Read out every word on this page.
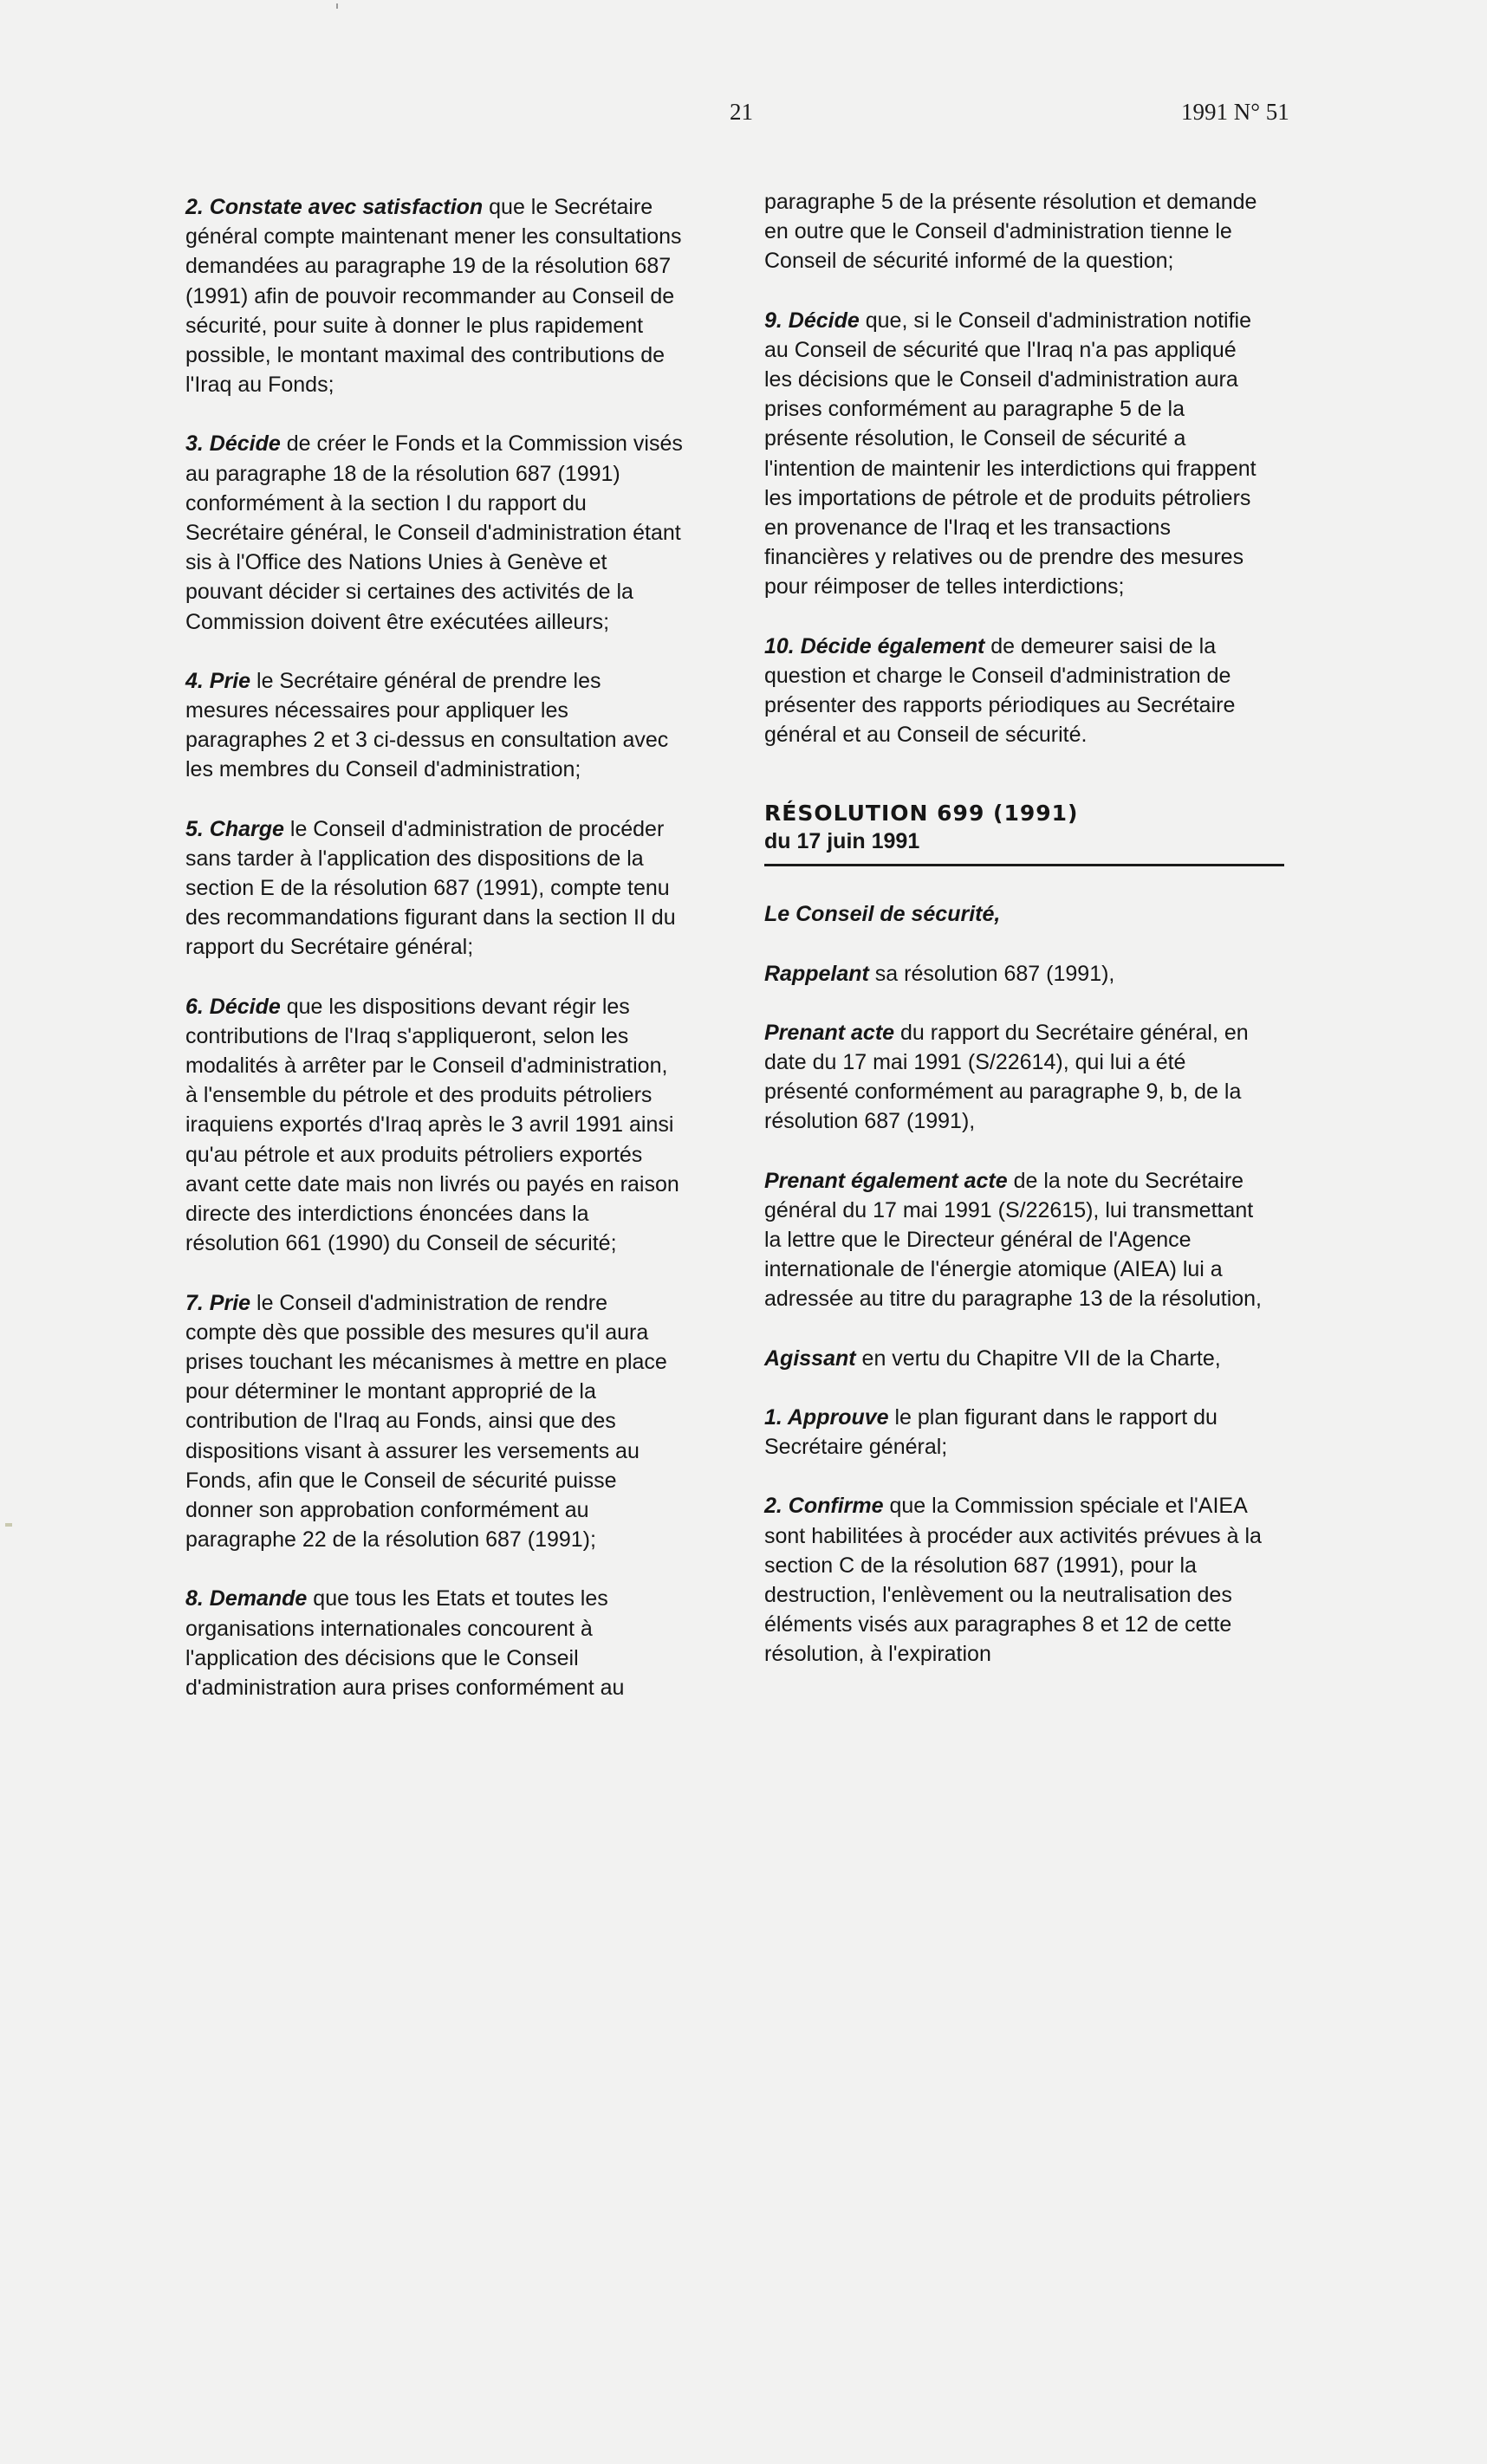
21	1991 N° 51

2. Constate avec satisfaction que le Secrétaire général compte maintenant mener les consultations demandées au paragraphe 19 de la résolution 687 (1991) afin de pouvoir recommander au Conseil de sécurité, pour suite à donner le plus rapidement possible, le montant maximal des contributions de l'Iraq au Fonds;

3. Décide de créer le Fonds et la Commission visés au paragraphe 18 de la résolution 687 (1991) conformément à la section I du rapport du Secrétaire général, le Conseil d'administration étant sis à l'Office des Nations Unies à Genève et pouvant décider si certaines des activités de la Commission doivent être exécutées ailleurs;

4. Prie le Secrétaire général de prendre les mesures nécessaires pour appliquer les paragraphes 2 et 3 ci-dessus en consultation avec les membres du Conseil d'administration;

5. Charge le Conseil d'administration de procéder sans tarder à l'application des dispositions de la section E de la résolution 687 (1991), compte tenu des recommandations figurant dans la section II du rapport du Secrétaire général;

6. Décide que les dispositions devant régir les contributions de l'Iraq s'appliqueront, selon les modalités à arrêter par le Conseil d'administration, à l'ensemble du pétrole et des produits pétroliers iraquiens exportés d'Iraq après le 3 avril 1991 ainsi qu'au pétrole et aux produits pétroliers exportés avant cette date mais non livrés ou payés en raison directe des interdictions énoncées dans la résolution 661 (1990) du Conseil de sécurité;

7. Prie le Conseil d'administration de rendre compte dès que possible des mesures qu'il aura prises touchant les mécanismes à mettre en place pour déterminer le montant approprié de la contribution de l'Iraq au Fonds, ainsi que des dispositions visant à assurer les versements au Fonds, afin que le Conseil de sécurité puisse donner son approbation conformément au paragraphe 22 de la résolution 687 (1991);

8. Demande que tous les Etats et toutes les organisations internationales concourent à l'application des décisions que le Conseil d'administration aura prises conformément au

paragraphe 5 de la présente résolution et demande en outre que le Conseil d'administration tienne le Conseil de sécurité informé de la question;

9. Décide que, si le Conseil d'administration notifie au Conseil de sécurité que l'Iraq n'a pas appliqué les décisions que le Conseil d'administration aura prises conformément au paragraphe 5 de la présente résolution, le Conseil de sécurité a l'intention de maintenir les interdictions qui frappent les importations de pétrole et de produits pétroliers en provenance de l'Iraq et les transactions financières y relatives ou de prendre des mesures pour réimposer de telles interdictions;

10. Décide également de demeurer saisi de la question et charge le Conseil d'administration de présenter des rapports périodiques au Secrétaire général et au Conseil de sécurité.

RÉSOLUTION 699 (1991)
du 17 juin 1991

Le Conseil de sécurité,

Rappelant sa résolution 687 (1991),

Prenant acte du rapport du Secrétaire général, en date du 17 mai 1991 (S/22614), qui lui a été présenté conformément au paragraphe 9, b, de la résolution 687 (1991),

Prenant également acte de la note du Secrétaire général du 17 mai 1991 (S/22615), lui transmettant la lettre que le Directeur général de l'Agence internationale de l'énergie atomique (AIEA) lui a adressée au titre du paragraphe 13 de la résolution,

Agissant en vertu du Chapitre VII de la Charte,

1. Approuve le plan figurant dans le rapport du Secrétaire général;

2. Confirme que la Commission spéciale et l'AIEA sont habilitées à procéder aux activités prévues à la section C de la résolution 687 (1991), pour la destruction, l'enlèvement ou la neutralisation des éléments visés aux paragraphes 8 et 12 de cette résolution, à l'expiration
